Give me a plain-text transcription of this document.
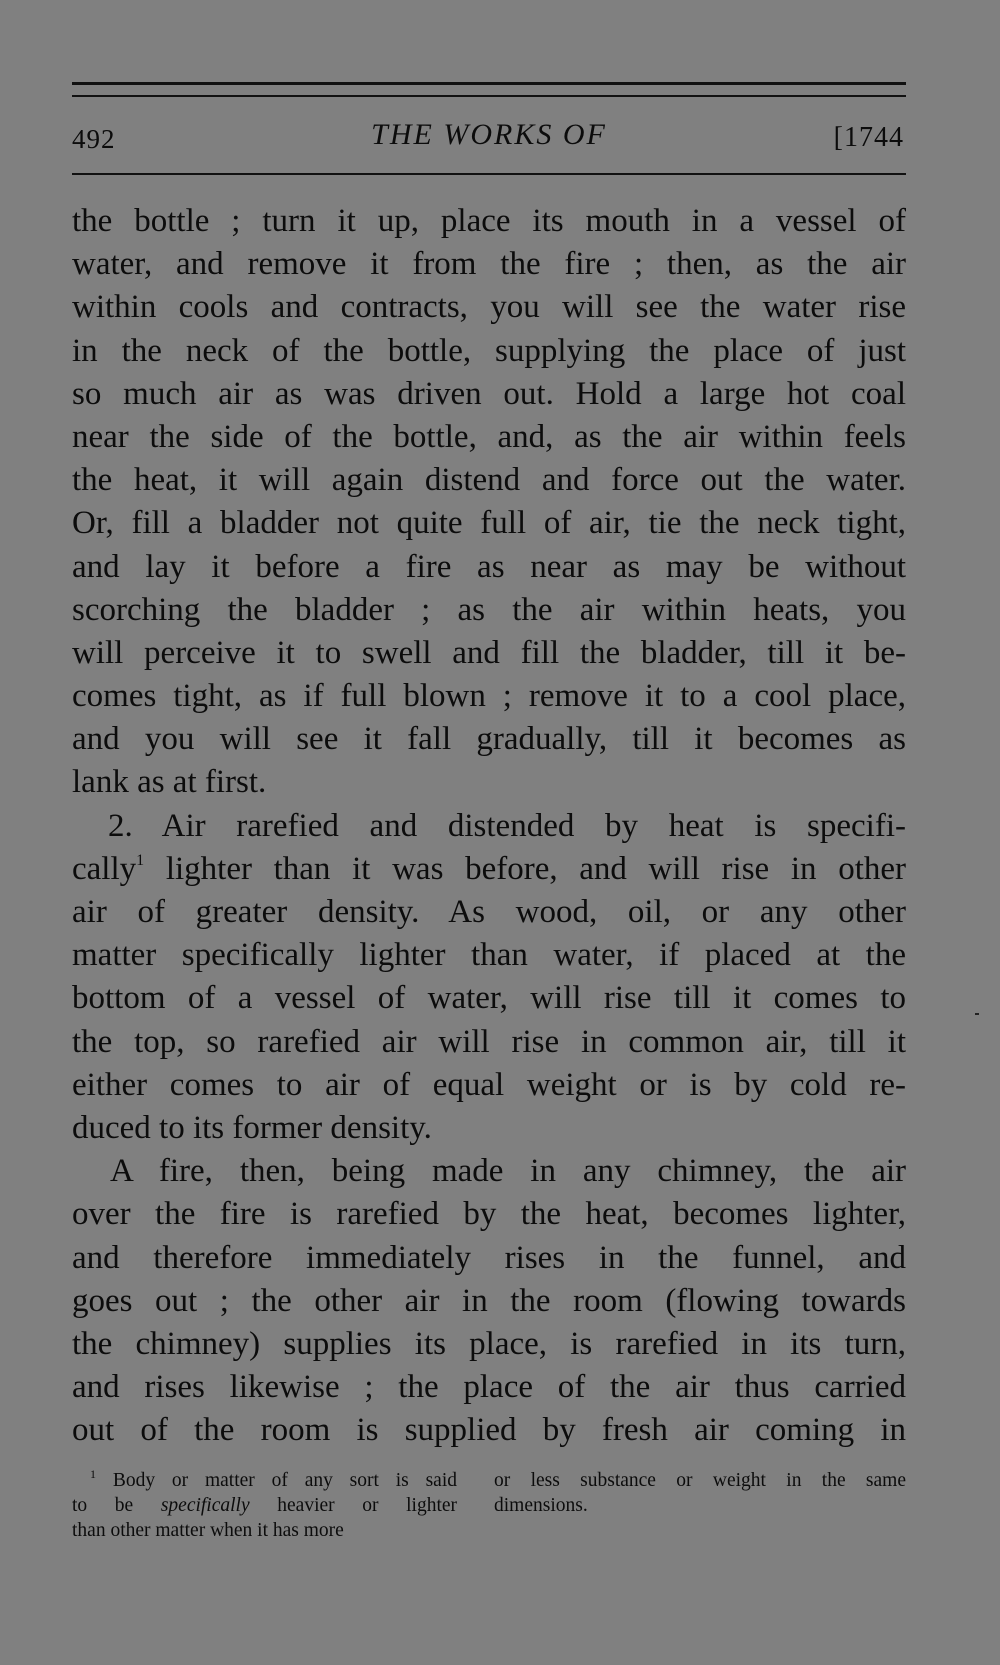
492	THE WORKS OF	[1744
the bottle ; turn it up, place its mouth in a vessel of
water, and remove it from the fire ; then, as the air
within cools and contracts, you will see the water rise
in the neck of the bottle, supplying the place of just
so much air as was driven out. Hold a large hot coal
near the side of the bottle, and, as the air within feels
the heat, it will again distend and force out the water.
Or, fill a bladder not quite full of air, tie the neck tight,
and lay it before a fire as near as may be without
scorching the bladder ; as the air within heats, you
will perceive it to swell and fill the bladder, till it be-
comes tight, as if full blown ; remove it to a cool place,
and you will see it fall gradually, till it becomes as
lank as at first.
2. Air rarefied and distended by heat is specifi-
cally$^1$ lighter than it was before, and will rise in other
air of greater density. As wood, oil, or any other
matter specifically lighter than water, if placed at the
bottom of a vessel of water, will rise till it comes to
the top, so rarefied air will rise in common air, till it
either comes to air of equal weight or is by cold re-
duced to its former density.
A fire, then, being made in any chimney, the air
over the fire is rarefied by the heat, becomes lighter,
and therefore immediately rises in the funnel, and
goes out ; the other air in the room (flowing towards
the chimney) supplies its place, is rarefied in its turn,
and rises likewise ; the place of the air thus carried
out of the room is supplied by fresh air coming in
$^1$ Body or matter of any sort is said
to be specifically heavier or lighter
than other matter when it has more
or less substance or weight in the same
dimensions.
